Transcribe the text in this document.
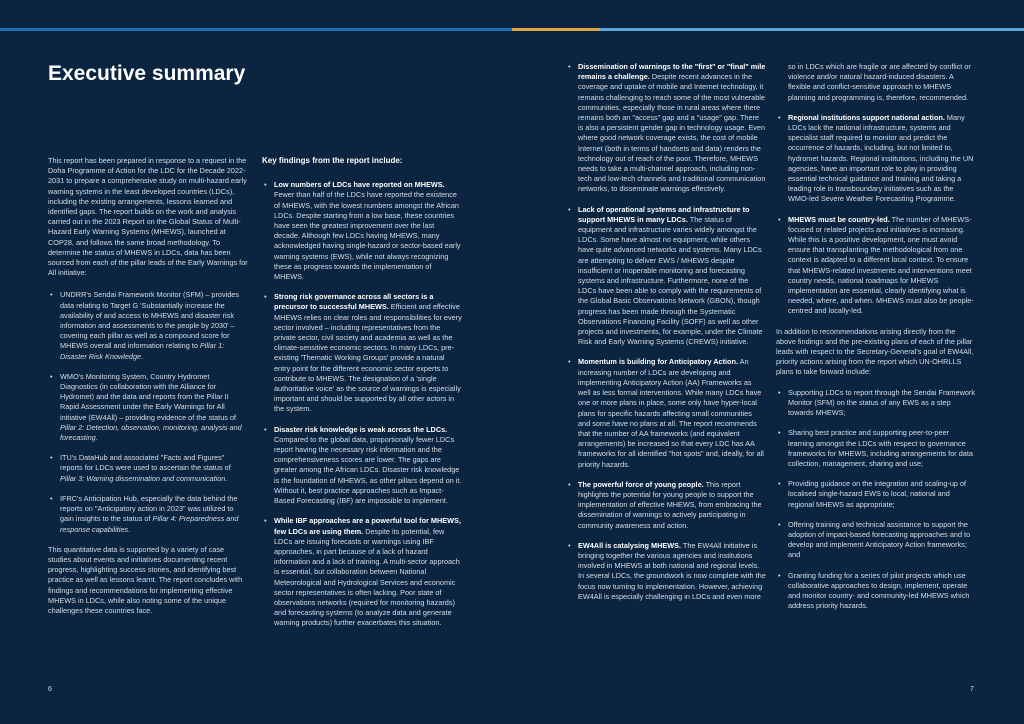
Executive summary

This report has been prepared in response to a request in the Doha Programme of Action for the LDC for the Decade 2022-2031 to prepare a comprehensive study on multi-hazard early warning systems in the least developed countries (LDCs), including the existing arrangements, lessons learned and identified gaps. The report builds on the work and analysis carried out in the 2023 Report on the Global Status of Multi-Hazard Early Warning Systems (MHEWS), launched at COP28, and follows the same broad methodology. To determine the status of MHEWS in LDCs, data has been sourced from each of the pillar leads of the Early Warnings for All initiative:

• UNDRR's Sendai Framework Monitor (SFM) – provides data relating to Target G 'Substantially increase the availability of and access to MHEWS and disaster risk information and assessments to the people by 2030' – covering each pillar as well as a compound score for MHEWS overall and information relating to Pillar 1: Disaster Risk Knowledge.
• WMO's Monitoring System, Country Hydromet Diagnostics (in collaboration with the Alliance for Hydromet) and the data and reports from the Pillar II Rapid Assessment under the Early Warnings for All initiative (EW4All) – providing evidence of the status of Pillar 2: Detection, observation, monitoring, analysis and forecasting.
• ITU's DataHub and associated "Facts and Figures" reports for LDCs were used to ascertain the status of Pillar 3: Warning dissemination and communication.
• IFRC's Anticipation Hub, especially the data behind the reports on "Anticipatory action in 2023" was utilized to gain insights to the status of Pillar 4: Preparedness and response capabilities.

This quantitative data is supported by a variety of case studies about events and initiatives documenting recent progress, highlighting success stories, and identifying best practice as well as lessons learnt. The report concludes with findings and recommendations for implementing effective MHEWS in LDCs, while also noting some of the unique challenges these countries face.

Key findings from the report include:

• Low numbers of LDCs have reported on MHEWS. Fewer than half of the LDCs have reported the existence of MHEWS, with the lowest numbers amongst the African LDCs. Despite starting from a low base, these countries have seen the greatest improvement over the last decade. Although few LDCs having MHEWS, many acknowledged having single-hazard or sector-based early warning systems (EWS), while not always recognizing these as progress towards the implementation of MHEWS.
• Strong risk governance across all sectors is a precursor to successful MHEWS. Efficient and effective MHEWS relies on clear roles and responsibilities for every sector involved – including representatives from the private sector, civil society and academia as well as the climate-sensitive economic sectors. In many LDCs, pre-existing 'Thematic Working Groups' provide a natural entry point for the different economic sector experts to contribute to MHEWS. The designation of a 'single authoritative voice' as the source of warnings is especially important and should be supported by all other actors in the system.
• Disaster risk knowledge is weak across the LDCs. Compared to the global data, proportionally fewer LDCs report having the necessary risk information and the comprehensiveness scores are lower. The gaps are greater among the African LDCs. Disaster risk knowledge is the foundation of MHEWS, as other pillars depend on it. Without it, best practice approaches such as Impact-Based Forecasting (IBF) are impossible to implement.
• While IBF approaches are a powerful tool for MHEWS, few LDCs are using them. Despite its potential, few LDCs are issuing forecasts or warnings using IBF approaches, in part because of a lack of hazard information and a lack of training. A multi-sector approach is essential, but collaboration between National Meteorological and Hydrological Services and economic sector representatives is often lacking. Poor state of observations networks (required for monitoring hazards) and forecasting systems (to analyze data and generate warning products) further exacerbates this situation.
• Dissemination of warnings to the "first" or "final" mile remains a challenge. Despite recent advances in the coverage and uptake of mobile and Internet technology, it remains challenging to reach some of the most vulnerable communities, especially those in rural areas where there remains both an "access" gap and a "usage" gap. There is also a persistent gender gap in technology usage. Even where good network coverage exists, the cost of mobile Internet (both in terms of handsets and data) renders the technology out of reach of the poor. Therefore, MHEWS needs to take a multi-channel approach, including non-tech and low-tech channels and traditional communication networks, to disseminate warnings effectively.
• Lack of operational systems and infrastructure to support MHEWS in many LDCs. The status of equipment and infrastructure varies widely amongst the LDCs. Some have almost no equipment, while others have quite advanced networks and systems. Many LDCs are attempting to deliver EWS / MHEWS despite insufficient or inoperable monitoring and forecasting systems and infrastructure. Furthermore, none of the LDCs have been able to comply with the requirements of the Global Basic Observations Network (GBON), though progress has been made through the Systematic Observations Financing Facility (SOFF) as well as other projects and investments, for example, under the Climate Risk and Early Warning Systems (CREWS) initiative.
• Momentum is building for Anticipatory Action. An increasing number of LDCs are developing and implementing Anticipatory Action (AA) Frameworks as well as less formal interventions. While many LDCs have one or more plans in place, some only have hyper-local plans for specific hazards affecting small communities and some have no plans at all. The report recommends that the number of AA frameworks (and equivalent arrangements) be increased so that every LDC has AA frameworks for all identified "hot spots" and, ideally, for all priority hazards.
• The powerful force of young people. This report highlights the potential for young people to support the implementation of effective MHEWS, from embracing the dissemination of warnings to actively participating in community awareness and action.
• EW4All is catalysing MHEWS. The EW4All initiative is bringing together the various agencies and institutions involved in MHEWS at both national and regional levels. In several LDCs, the groundwork is now complete with the focus now turning to implementation. However, achieving EW4All is especially challenging in LDCs and even more

so in LDCs which are fragile or are affected by conflict or violence and/or natural hazard-induced disasters. A flexible and conflict-sensitive approach to MHEWS planning and programming is, therefore, recommended.

• Regional institutions support national action. Many LDCs lack the national infrastructure, systems and specialist staff required to monitor and predict the occurrence of hazards, including, but not limited to, hydromet hazards. Regional institutions, including the UN agencies, have an important role to play in providing essential technical guidance and training and taking a leading role in transboundary initiatives such as the WMO-led Severe Weather Forecasting Programme.
• MHEWS must be country-led. The number of MHEWS-focused or related projects and initiatives is increasing. While this is a positive development, one must avoid ensure that transplanting the methodological from one context is adapted to a different local context. To ensure that MHEWS-related investments and interventions meet country needs, national roadmaps for MHEWS implementation are essential, clearly identifying what is needed, where, and when. MHEWS must also be people-centred and locally-led.

In addition to recommendations arising directly from the above findings and the pre-existing plans of each of the pillar leads with respect to the Secretary-General's goal of EW4All, priority actions arising from the report which UN-OHRLLS plans to take forward include:

• Supporting LDCs to report through the Sendai Framework Monitor (SFM) on the status of any EWS as a step towards MHEWS;
• Sharing best practice and supporting peer-to-peer learning amongst the LDCs with respect to governance frameworks for MHEWS, including arrangements for data collection, management, sharing and use;
• Providing guidance on the integration and scaling-up of localised single-hazard EWS to local, national and regional MHEWS as appropriate;
• Offering training and technical assistance to support the adoption of impact-based forecasting approaches and to develop and implement Anticipatory Action frameworks; and
• Granting funding for a series of pilot projects which use collaborative approaches to design, implement, operate and monitor country- and community-led MHEWS which address priority hazards.
6	7
